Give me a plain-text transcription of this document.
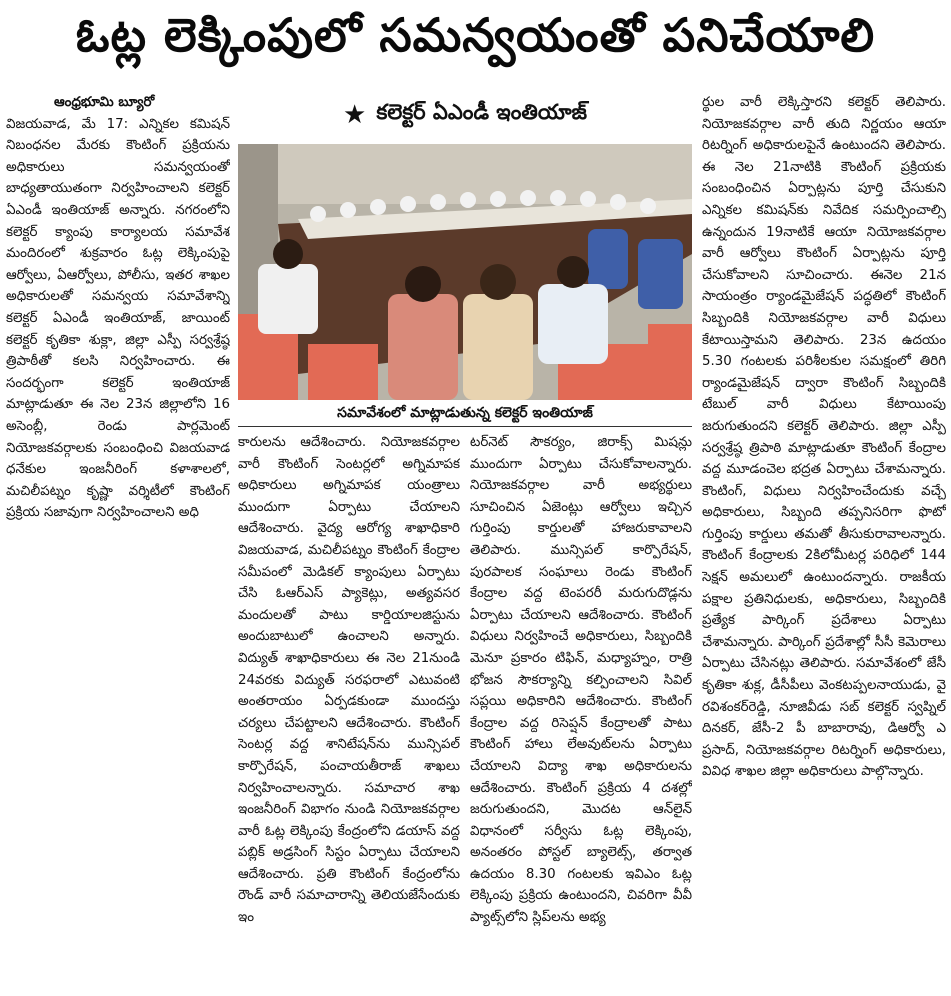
ఓట్ల లెక్కింపులో సమన్వయంతో పనిచేయాలి
ఆంధ్రభూమి బ్యూరో

విజయవాడ, మే 17: ఎన్నికల కమిషన్ నిబంధనల మేరకు కౌంటింగ్ ప్రక్రియను అధికారులు సమన్వయంతో బాధ్యతాయుతంగా నిర్వహించాలని కలెక్టర్ ఏఎండీ ఇంతియాజ్ అన్నారు. నగరంలోని కలెక్టర్ క్యాంపు కార్యాలయ సమావేశ మందిరంలో శుక్రవారం ఓట్ల లెక్కింపుపై ఆర్వోలు, ఏఆర్వోలు, పోలీసు, ఇతర శాఖల అధికారులతో సమన్వయ సమావేశాన్ని కలెక్టర్ ఏఎండీ ఇంతియాజ్, జాయింట్ కలెక్టర్ కృతికా శుక్లా, జిల్లా ఎస్పీ సర్వశ్రేష్ఠ త్రిపాఠీతో కలసి నిర్వహించారు. ఈ సందర్భంగా కలెక్టర్ ఇంతియాజ్ మాట్లాడుతూ ఈ నెల 23న జిల్లాలోని 16 అసెంబ్లీ, రెండు పార్లమెంట్ నియోజకవర్గాలకు సంబంధించి విజయవాడ ధనేకుల ఇంజనీరింగ్ కళాశాలలో, మచిలీపట్నం కృష్ణా వర్శిటీలో కౌంటింగ్ ప్రక్రియ సజావుగా నిర్వహించాలని అధి

★ కలెక్టర్ ఏఎండీ ఇంతియాజ్
సమావేశంలో మాట్లాడుతున్న కలెక్టర్ ఇంతియాజ్

కారులను ఆదేశించారు. నియోజకవర్గాల వారీ కౌంటింగ్ సెంటర్లలో అగ్నిమాపక అధికారులు అగ్నిమాపక యంత్రాలు ముందుగా ఏర్పాటు చేయాలని ఆదేశించారు. వైద్య ఆరోగ్య శాఖాధికారి విజయవాడ, మచిలీపట్నం కౌంటింగ్ కేంద్రాల సమీపంలో మెడికల్ క్యాంపులు ఏర్పాటు చేసి ఓఆర్ఎస్ ప్యాకెట్లు, అత్యవసర మందులతో పాటు కార్డియాలజిస్టును అందుబాటులో ఉంచాలని అన్నారు. విద్యుత్ శాఖాధికారులు ఈ నెల 21నుండి 24వరకు విద్యుత్ సరఫరాలో ఎటువంటి అంతరాయం ఏర్పడకుండా ముందస్తు చర్యలు చేపట్టాలని ఆదేశించారు. కౌంటింగ్ సెంటర్ల వద్ద శానిటేషన్‌ను మున్సిపల్ కార్పొరేషన్, పంచాయతీరాజ్ శాఖలు నిర్వహించాలన్నారు. సమాచార శాఖ ఇంజనీరింగ్ విభాగం నుండి నియోజకవర్గాల వారీ ఓట్ల లెక్కింపు కేంద్రంలోని డయాస్ వద్ద పబ్లిక్ అడ్రసింగ్ సిస్టం ఏర్పాటు చేయాలని ఆదేశించారు. ప్రతి కౌంటింగ్ కేంద్రంలోను రౌండ్ వారీ సమాచారాన్ని తెలియజేసేందుకు ఇం

టర్‌నెట్ సౌకర్యం, జిరాక్స్ మిషన్లు ముందుగా ఏర్పాటు చేసుకోవాలన్నారు. నియోజకవర్గాల వారీ అభ్యర్థులు సూచించిన ఏజెంట్లు ఆర్వోలు ఇచ్చిన గుర్తింపు కార్డులతో హాజరుకావాలని తెలిపారు. మున్సిపల్ కార్పొరేషన్, పురపాలక సంఘాలు రెండు కౌంటింగ్ కేంద్రాల వద్ద టెంపరరీ మరుగుదొడ్లను ఏర్పాటు చేయాలని ఆదేశించారు. కౌంటింగ్ విధులు నిర్వహించే అధికారులు, సిబ్బందికి మెనూ ప్రకారం టిఫిన్, మధ్యాహ్నం, రాత్రి భోజన సౌకర్యాన్ని కల్పించాలని సివిల్ సప్లయి అధికారిని ఆదేశించారు. కౌంటింగ్ కేంద్రాల వద్ద రిసెప్షన్ కేంద్రాలతో పాటు కౌంటింగ్ హాలు లేఅవుట్‌లను ఏర్పాటు చేయాలని విద్యా శాఖ అధికారులను ఆదేశించారు. కౌంటింగ్ ప్రక్రియ 4 దశల్లో జరుగుతుందని, మొదట ఆన్‌లైన్ విధానంలో సర్వీసు ఓట్ల లెక్కింపు, అనంతరం పోస్టల్ బ్యాలెట్స్, తర్వాత ఉదయం 8.30 గంటలకు ఇవిఎం ఓట్ల లెక్కింపు ప్రక్రియ ఉంటుందని, చివరిగా వీవీ ప్యాట్స్‌లోని స్లిప్‌లను అభ్య

ర్థుల వారీ లెక్కిస్తారని కలెక్టర్ తెలిపారు. నియోజకవర్గాల వారీ తుది నిర్ణయం ఆయా రిటర్నింగ్ అధికారులపైనే ఉంటుందని తెలిపారు. ఈ నెల 21నాటికి కౌంటింగ్ ప్రక్రియకు సంబంధించిన ఏర్పాట్లను పూర్తి చేసుకుని ఎన్నికల కమిషన్‌కు నివేదిక సమర్పించాల్సి ఉన్నందున 19నాటికే ఆయా నియోజకవర్గాల వారీ ఆర్వోలు కౌంటింగ్ ఏర్పాట్లను పూర్తి చేసుకోవాలని సూచించారు. ఈనెల 21న సాయంత్రం ర్యాండమైజేషన్ పద్ధతిలో కౌంటింగ్ సిబ్బందికి నియోజకవర్గాల వారీ విధులు కేటాయిస్తామని తెలిపారు. 23న ఉదయం 5.30 గంటలకు పరిశీలకుల సమక్షంలో తిరిగి ర్యాండమైజేషన్ ద్వారా కౌంటింగ్ సిబ్బందికి టేబుల్ వారీ విధులు కేటాయింపు జరుగుతుందని కలెక్టర్ తెలిపారు. జిల్లా ఎస్పీ సర్వశ్రేష్ఠ త్రిపాఠి మాట్లాడుతూ కౌంటింగ్ కేంద్రాల వద్ద మూడంచెల భద్రత ఏర్పాటు చేశామన్నారు. కౌంటింగ్, విధులు నిర్వహించేందుకు వచ్చే అధికారులు, సిబ్బంది తప్పనిసరిగా ఫొటో గుర్తింపు కార్డులు తమతో తీసుకురావాలన్నారు. కౌంటింగ్ కేంద్రాలకు 2కిలోమీటర్ల పరిధిలో 144 సెక్షన్ అమలులో ఉంటుందన్నారు. రాజకీయ పక్షాల ప్రతినిధులకు, అధికారులు, సిబ్బందికి ప్రత్యేక పార్కింగ్ ప్రదేశాలు ఏర్పాటు చేశామన్నారు. పార్కింగ్ ప్రదేశాల్లో సీసీ కెమెరాలు ఏర్పాటు చేసినట్లు తెలిపారు. సమావేశంలో జేసీ కృతికా శుక్ల, డీసీపీలు వెంకటప్పలనాయుడు, వై రవిశంకర్‌రెడ్డి, నూజివీడు సబ్ కలెక్టర్ స్వప్నిల్ దినకర్, జేసీ-2 పీ బాబారావు, డిఆర్వో ఎ ప్రసాద్, నియోజకవర్గాల రిటర్నింగ్ అధికారులు, వివిధ శాఖల జిల్లా అధికారులు పాల్గొన్నారు.
